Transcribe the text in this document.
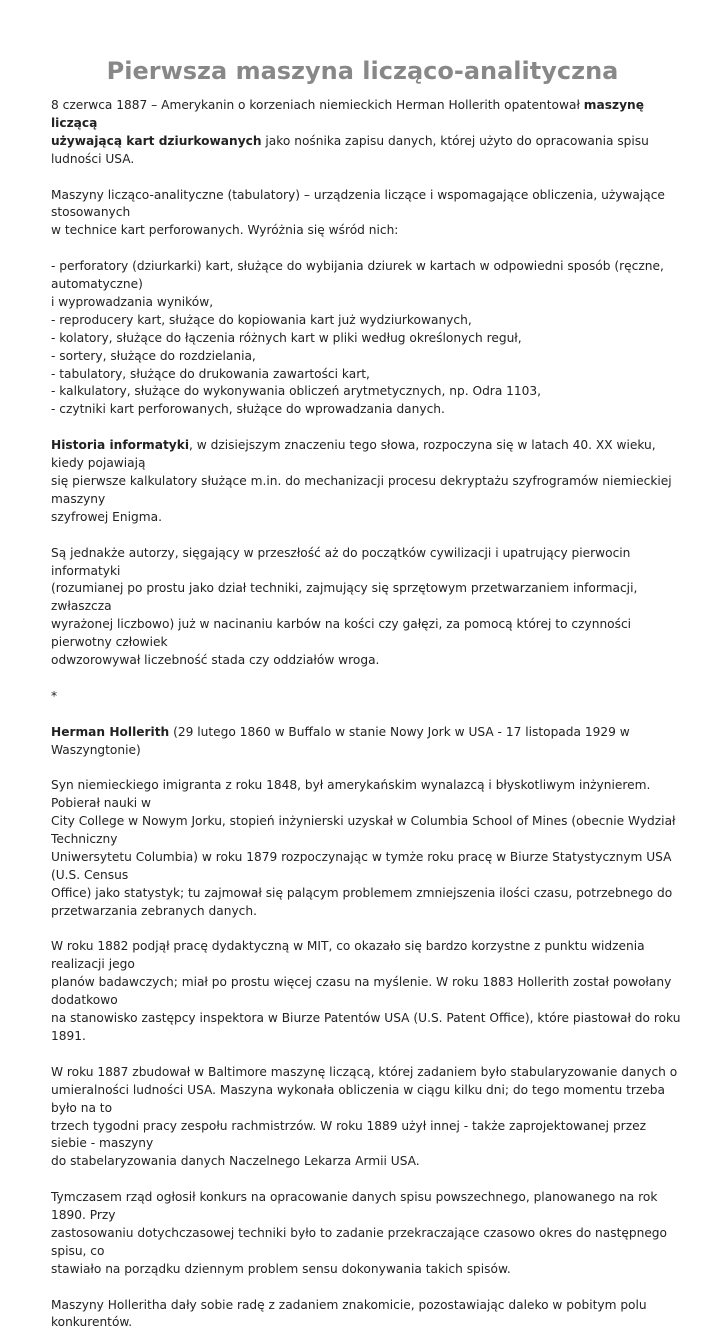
Pierwsza maszyna licząco-analityczna

8 czerwca 1887 – Amerykanin o korzeniach niemieckich Herman Hollerith opatentował maszynę liczącą

używającą kart dziurkowanych jako nośnika zapisu danych, której użyto do opracowania spisu ludności USA.

Maszyny licząco-analityczne (tabulatory) – urządzenia liczące i wspomagające obliczenia, używające stosowanych

w technice kart perforowanych. Wyróżnia się wśród nich:

- perforatory (dziurkarki) kart, służące do wybijania dziurek w kartach w odpowiedni sposób (ręczne, automatyczne)

i wyprowadzania wyników,

- reproducery kart, służące do kopiowania kart już wydziurkowanych,

- kolatory, służące do łączenia różnych kart w pliki według określonych reguł,

- sortery, służące do rozdzielania,

- tabulatory, służące do drukowania zawartości kart,

- kalkulatory, służące do wykonywania obliczeń arytmetycznych, np. Odra 1103,

- czytniki kart perforowanych, służące do wprowadzania danych.

Historia informatyki, w dzisiejszym znaczeniu tego słowa, rozpoczyna się w latach 40. XX wieku, kiedy pojawiają

się pierwsze kalkulatory służące m.in. do mechanizacji procesu dekryptażu szyfrogramów niemieckiej maszyny

szyfrowej Enigma.

Są jednakże autorzy, sięgający w przeszłość aż do początków cywilizacji i upatrujący pierwocin informatyki

(rozumianej po prostu jako dział techniki, zajmujący się sprzętowym przetwarzaniem informacji, zwłaszcza

wyrażonej liczbowo) już w nacinaniu karbów na kości czy gałęzi, za pomocą której to czynności pierwotny człowiek

odwzorowywał liczebność stada czy oddziałów wroga.

*

Herman Hollerith (29 lutego 1860 w Buffalo w stanie Nowy Jork w USA - 17 listopada 1929 w Waszyngtonie)

Syn niemieckiego imigranta z roku 1848, był amerykańskim wynalazcą i błyskotliwym inżynierem. Pobierał nauki w

City College w Nowym Jorku, stopień inżynierski uzyskał w Columbia School of Mines (obecnie Wydział Techniczny

Uniwersytetu Columbia) w roku 1879 rozpoczynając w tymże roku pracę w Biurze Statystycznym USA (U.S. Census

Office) jako statystyk; tu zajmował się palącym problemem zmniejszenia ilości czasu, potrzebnego do

przetwarzania zebranych danych.

W roku 1882 podjął pracę dydaktyczną w MIT, co okazało się bardzo korzystne z punktu widzenia realizacji jego

planów badawczych; miał po prostu więcej czasu na myślenie. W roku 1883 Hollerith został powołany dodatkowo

na stanowisko zastępcy inspektora w Biurze Patentów USA (U.S. Patent Office), które piastował do roku 1891.

W roku 1887 zbudował w Baltimore maszynę liczącą, której zadaniem było stabularyzowanie danych o

umieralności ludności USA. Maszyna wykonała obliczenia w ciągu kilku dni; do tego momentu trzeba było na to

trzech tygodni pracy zespołu rachmistrzów. W roku 1889 użył innej - także zaprojektowanej przez siebie - maszyny

do stabelaryzowania danych Naczelnego Lekarza Armii USA.

Tymczasem rząd ogłosił konkurs na opracowanie danych spisu powszechnego, planowanego na rok 1890. Przy

zastosowaniu dotychczasowej techniki było to zadanie przekraczające czasowo okres do następnego spisu, co

stawiało na porządku dziennym problem sensu dokonywania takich spisów.

Maszyny Holleritha dały sobie radę z zadaniem znakomicie, pozostawiając daleko w pobitym polu konkurentów.
